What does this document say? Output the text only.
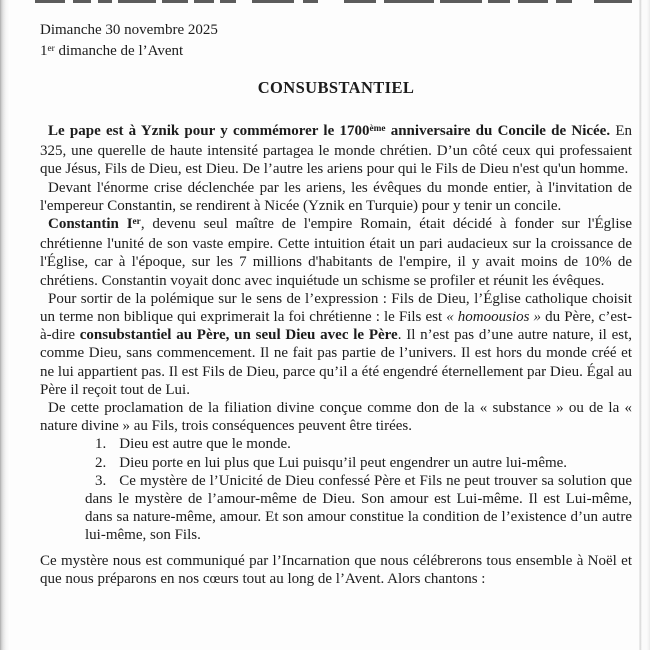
Dimanche 30 novembre 2025
1er dimanche de l’Avent
CONSUBSTANTIEL

Le pape est à Yznik pour y commémorer le 1700ème anniversaire du Concile de Nicée. En 325, une querelle de haute intensité partagea le monde chrétien. D’un côté ceux qui professaient que Jésus, Fils de Dieu, est Dieu. De l’autre les ariens pour qui le Fils de Dieu n'est qu'un homme.

Devant l'énorme crise déclenchée par les ariens, les évêques du monde entier, à l'invitation de l'empereur Constantin, se rendirent à Nicée (Yznik en Turquie) pour y tenir un concile.

Constantin Ier, devenu seul maître de l'empire Romain, était décidé à fonder sur l'Église chrétienne l'unité de son vaste empire. Cette intuition était un pari audacieux sur la croissance de l'Église, car à l'époque, sur les 7 millions d'habitants de l'empire, il y avait moins de 10% de chrétiens. Constantin voyait donc avec inquiétude un schisme se profiler et réunit les évêques.

Pour sortir de la polémique sur le sens de l’expression : Fils de Dieu, l’Église catholique choisit un terme non biblique qui exprimerait la foi chrétienne : le Fils est « homoousios » du Père, c’est-à-dire consubstantiel au Père, un seul Dieu avec le Père. Il n’est pas d’une autre nature, il est, comme Dieu, sans commencement. Il ne fait pas partie de l’univers. Il est hors du monde créé et ne lui appartient pas. Il est Fils de Dieu, parce qu’il a été engendré éternellement par Dieu. Égal au Père il reçoit tout de Lui.

De cette proclamation de la filiation divine conçue comme don de la « substance » ou de la « nature divine » au Fils, trois conséquences peuvent être tirées.

1. Dieu est autre que le monde.
2. Dieu porte en lui plus que Lui puisqu’il peut engendrer un autre lui-même.
3. Ce mystère de l’Unicité de Dieu confessé Père et Fils ne peut trouver sa solution que dans le mystère de l’amour-même de Dieu. Son amour est Lui-même. Il est Lui-même, dans sa nature-même, amour. Et son amour constitue la condition de l’existence d’un autre lui-même, son Fils.

Ce mystère nous est communiqué par l’Incarnation que nous célébrerons tous ensemble à Noël et que nous préparons en nos cœurs tout au long de l’Avent. Alors chantons :
